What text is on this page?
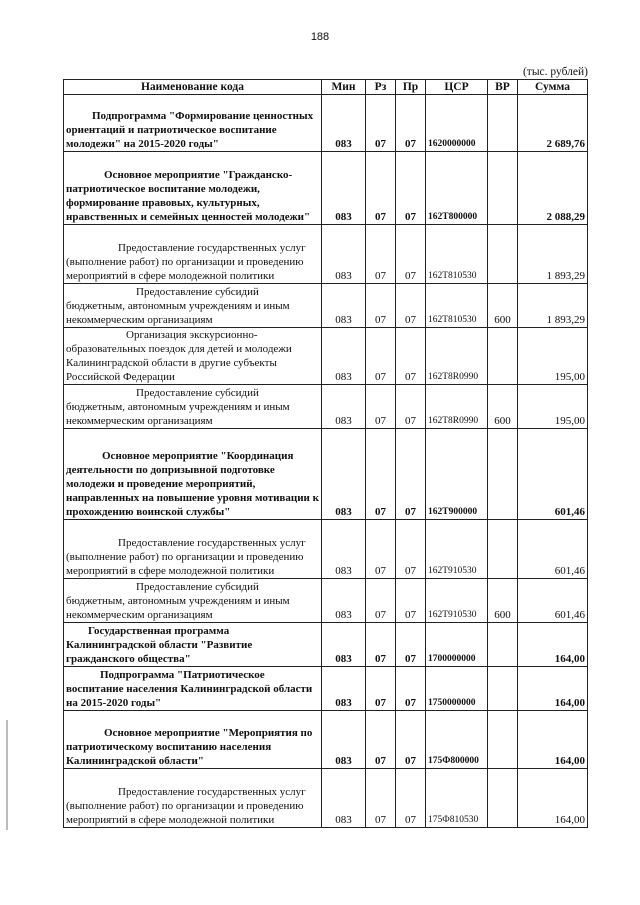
188
(тыс. рублей)
Наименование кода	Мин	Рз	Пр	ЦСР	ВР	Сумма

Подпрограмма "Формирование ценностных ориентаций и патриотическое воспитание молодежи" на 2015-2020 годы"	083	07	07	1620000000		2 689,76

Основное мероприятие "Гражданско-патриотическое воспитание молодежи, формирование правовых, культурных, нравственных и семейных ценностей молодежи"	083	07	07	162Т800000		2 088,29

Предоставление государственных услуг (выполнение работ) по организации и проведению мероприятий в сфере молодежной политики	083	07	07	162Т810530		1 893,29

Предоставление субсидий бюджетным, автономным учреждениям и иным некоммерческим организациям	083	07	07	162Т810530	600	1 893,29

Организация экскурсионно-образовательных поездок для детей и молодежи Калининградской области в другие субъекты Российской Федерации	083	07	07	162Т8R0990		195,00

Предоставление субсидий бюджетным, автономным учреждениям и иным некоммерческим организациям	083	07	07	162Т8R0990	600	195,00

Основное мероприятие "Координация деятельности по допризывной подготовке молодежи и проведение мероприятий, направленных на повышение уровня мотивации к прохождению воинской службы"	083	07	07	162Т900000		601,46

Предоставление государственных услуг (выполнение работ) по организации и проведению мероприятий в сфере молодежной политики	083	07	07	162Т910530		601,46

Предоставление субсидий бюджетным, автономным учреждениям и иным некоммерческим организациям	083	07	07	162Т910530	600	601,46

Государственная программа Калининградской области "Развитие гражданского общества"	083	07	07	1700000000		164,00

Подпрограмма "Патриотическое воспитание населения Калининградской области на 2015-2020 годы"	083	07	07	1750000000		164,00

Основное мероприятие "Мероприятия по патриотическому воспитанию населения Калининградской области"	083	07	07	175Ф800000		164,00

Предоставление государственных услуг (выполнение работ) по организации и проведению мероприятий в сфере молодежной политики	083	07	07	175Ф810530		164,00
